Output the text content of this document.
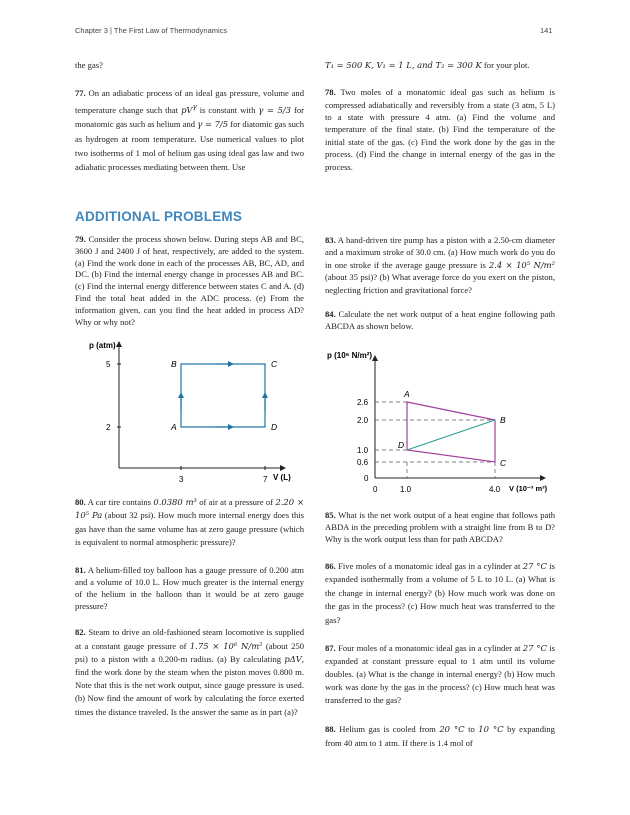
Chapter 3 | The First Law of Thermodynamics	141

the gas?

77. On an adiabatic process of an ideal gas pressure, volume and temperature change such that $pV^\gamma$ is constant with γ = 5/3 for monatomic gas such as helium and γ = 7/5 for diatomic gas such as hydrogen at room temperature. Use numerical values to plot two isotherms of 1 mol of helium gas using ideal gas law and two adiabatic processes mediating between them. Use

T₁ = 500 K, V₁ = 1 L, and T₂ = 300 K for your plot.

78. Two moles of a monatomic ideal gas such as helium is compressed adiabatically and reversibly from a state (3 atm, 5 L) to a state with pressure 4 atm. (a) Find the volume and temperature of the final state. (b) Find the temperature of the initial state of the gas. (c) Find the work done by the gas in the process. (d) Find the change in internal energy of the gas in the process.

ADDITIONAL PROBLEMS

79. Consider the process shown below. During steps AB and BC, 3600 J and 2400 J of heat, respectively, are added to the system. (a) Find the work done in each of the processes AB, BC, AD, and DC. (b) Find the internal energy change in processes AB and BC. (c) Find the internal energy difference between states C and A. (d) Find the total heat added in the ADC process. (e) From the information given, can you find the heat added in process AD? Why or why not?

p (atm)
V (L)
5
2
3	7
A
B	C
D

80. A car tire contains 0.0380 m³ of air at a pressure of 2.20 × 10⁵ Pa (about 32 psi). How much more internal energy does this gas have than the same volume has at zero gauge pressure (which is equivalent to normal atmospheric pressure)?

81. A helium-filled toy balloon has a gauge pressure of 0.200 atm and a volume of 10.0 L. How much greater is the internal energy of the helium in the balloon than it would be at zero gauge pressure?

82. Steam to drive an old-fashioned steam locomotive is supplied at a constant gauge pressure of 1.75 × 10⁶ N/m² (about 250 psi) to a piston with a 0.200-m radius. (a) By calculating pΔV, find the work done by the steam when the piston moves 0.800 m. Note that this is the net work output, since gauge pressure is used. (b) Now find the amount of work by calculating the force exerted times the distance traveled. Is the answer the same as in part (a)?

83. A hand-driven tire pump has a piston with a 2.50-cm diameter and a maximum stroke of 30.0 cm. (a) How much work do you do in one stroke if the average gauge pressure is 2.4 × 10⁵ N/m² (about 35 psi)? (b) What average force do you exert on the piston, neglecting friction and gravitational force?

84. Calculate the net work output of a heat engine following path ABCDA as shown below.

p (10⁶ N/m²)
V (10⁻³ m³)
2.6
2.0
1.0
0.6
0
0	1.0	4.0
A
B
C
D

85. What is the net work output of a heat engine that follows path ABDA in the preceding problem with a straight line from B to D? Why is the work output less than for path ABCDA?

86. Five moles of a monatomic ideal gas in a cylinder at 27 °C is expanded isothermally from a volume of 5 L to 10 L. (a) What is the change in internal energy? (b) How much work was done on the gas in the process? (c) How much heat was transferred to the gas?

87. Four moles of a monatomic ideal gas in a cylinder at 27 °C is expanded at constant pressure equal to 1 atm until its volume doubles. (a) What is the change in internal energy? (b) How much work was done by the gas in the process? (c) How much heat was transferred to the gas?

88. Helium gas is cooled from 20 °C to 10 °C by expanding from 40 atm to 1 atm. If there is 1.4 mol of
